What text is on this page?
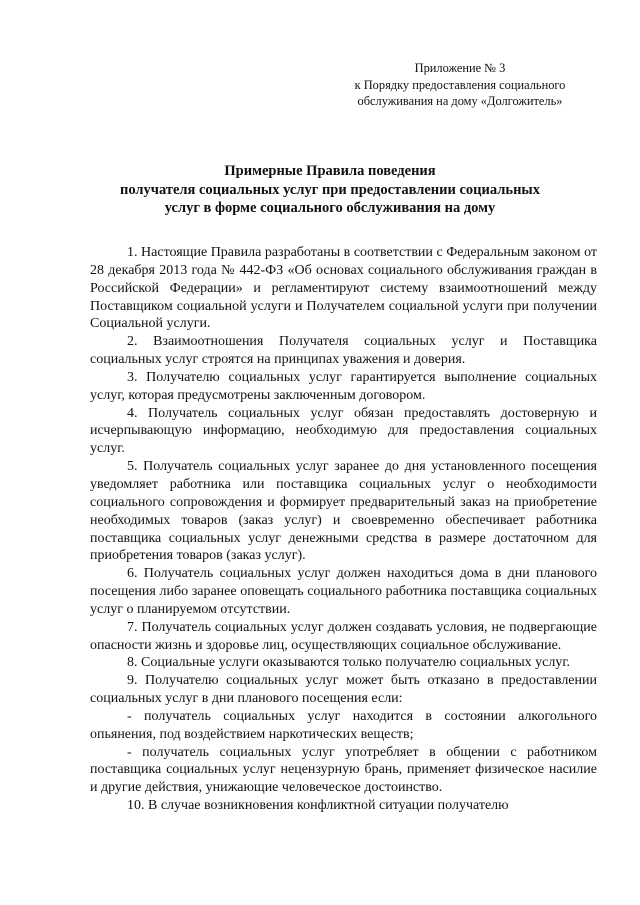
Приложение № 3
к Порядку предоставления социального
обслуживания на дому «Долгожитель»
Примерные Правила поведения
получателя социальных услуг при предоставлении социальных
услуг в форме социального обслуживания на дому

1. Настоящие Правила разработаны в соответствии с Федеральным законом от 28 декабря 2013 года № 442-ФЗ «Об основах социального обслуживания граждан в Российской Федерации» и регламентируют систему взаимоотношений между Поставщиком социальной услуги и Получателем социальной услуги при получении Социальной услуги.

2. Взаимоотношения Получателя социальных услуг и Поставщика социальных услуг строятся на принципах уважения и доверия.

3. Получателю социальных услуг гарантируется выполнение социальных услуг, которая предусмотрены заключенным договором.

4. Получатель социальных услуг обязан предоставлять достоверную и исчерпывающую информацию, необходимую для предоставления социальных услуг.

5. Получатель социальных услуг заранее до дня установленного посещения уведомляет работника или поставщика социальных услуг о необходимости социального сопровождения и формирует предварительный заказ на приобретение необходимых товаров (заказ услуг) и своевременно обеспечивает работника поставщика социальных услуг денежными средства в размере достаточном для приобретения товаров (заказ услуг).

6. Получатель социальных услуг должен находиться дома в дни планового посещения либо заранее оповещать социального работника поставщика социальных услуг о планируемом отсутствии.

7. Получатель социальных услуг должен создавать условия, не подвергающие опасности жизнь и здоровье лиц, осуществляющих социальное обслуживание.

8. Социальные услуги оказываются только получателю социальных услуг.

9. Получателю социальных услуг может быть отказано в предоставлении социальных услуг в дни планового посещения если:

- получатель социальных услуг находится в состоянии алкогольного опьянения, под воздействием наркотических веществ;

- получатель социальных услуг употребляет в общении с работником поставщика социальных услуг нецензурную брань, применяет физическое насилие и другие действия, унижающие человеческое достоинство.

10. В случае возникновения конфликтной ситуации получателю
